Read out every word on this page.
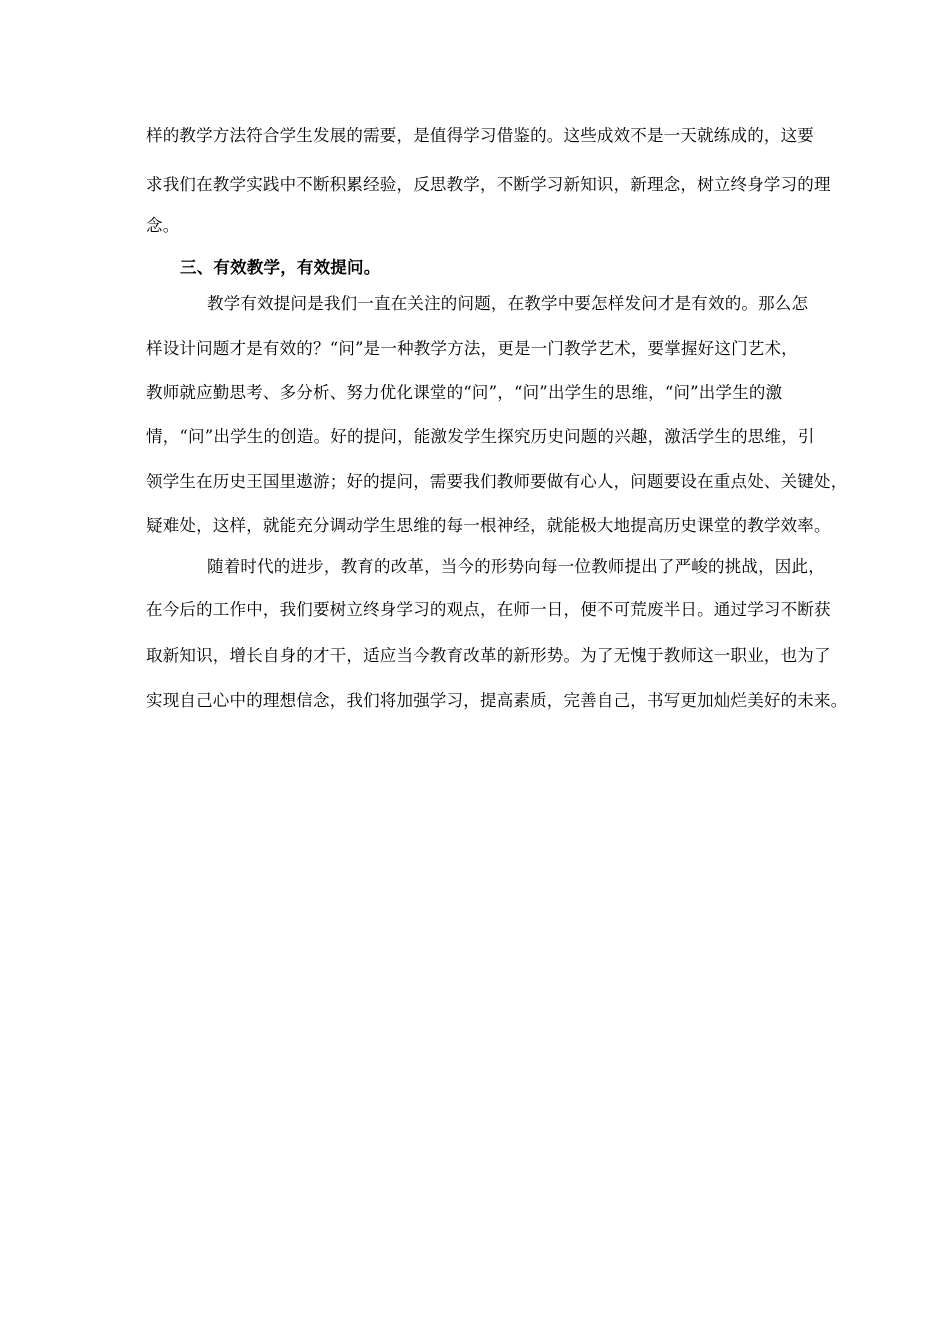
样的教学方法符合学生发展的需要，是值得学习借鉴的。这些成效不是一天就练成的，这要
求我们在教学实践中不断积累经验，反思教学，不断学习新知识，新理念，树立终身学习的理
念。
三、有效教学，有效提问。
教学有效提问是我们一直在关注的问题，在教学中要怎样发问才是有效的。那么怎
样设计问题才是有效的？“问”是一种教学方法，更是一门教学艺术，要掌握好这门艺术，
教师就应勤思考、多分析、努力优化课堂的“问”，“问”出学生的思维，“问”出学生的激
情，“问”出学生的创造。好的提问，能激发学生探究历史问题的兴趣，激活学生的思维，引
领学生在历史王国里遨游；好的提问，需要我们教师要做有心人，问题要设在重点处、关键处，
疑难处，这样，就能充分调动学生思维的每一根神经，就能极大地提高历史课堂的教学效率。
随着时代的进步，教育的改革，当今的形势向每一位教师提出了严峻的挑战，因此，
在今后的工作中，我们要树立终身学习的观点，在师一日，便不可荒废半日。通过学习不断获
取新知识，增长自身的才干，适应当今教育改革的新形势。为了无愧于教师这一职业，也为了
实现自己心中的理想信念，我们将加强学习，提高素质，完善自己，书写更加灿烂美好的未来。
